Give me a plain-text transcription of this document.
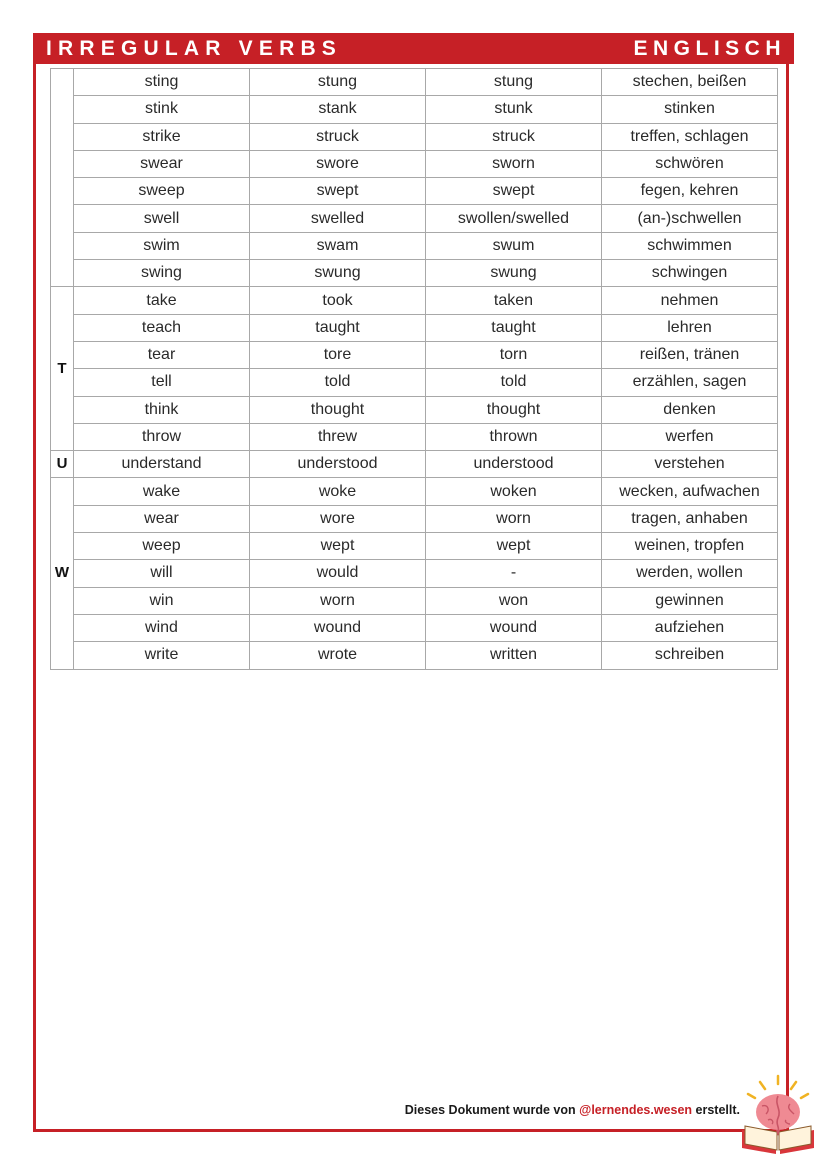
IRREGULAR VERBS	ENGLISCH
	sting	stung	stung	stechen, beißen
	stink	stank	stunk	stinken
	strike	struck	struck	treffen, schlagen
	swear	swore	sworn	schwören
	sweep	swept	swept	fegen, kehren
	swell	swelled	swollen/swelled	(an-)schwellen
	swim	swam	swum	schwimmen
	swing	swung	swung	schwingen
T	take	took	taken	nehmen
	teach	taught	taught	lehren
	tear	tore	torn	reißen, tränen
	tell	told	told	erzählen, sagen
	think	thought	thought	denken
	throw	threw	thrown	werfen
U	understand	understood	understood	verstehen
W	wake	woke	woken	wecken, aufwachen
	wear	wore	worn	tragen, anhaben
	weep	wept	wept	weinen, tropfen
	will	would	-	werden, wollen
	win	worn	won	gewinnen
	wind	wound	wound	aufziehen
	write	wrote	written	schreiben
Dieses Dokument wurde von @lernendes.wesen erstellt.
